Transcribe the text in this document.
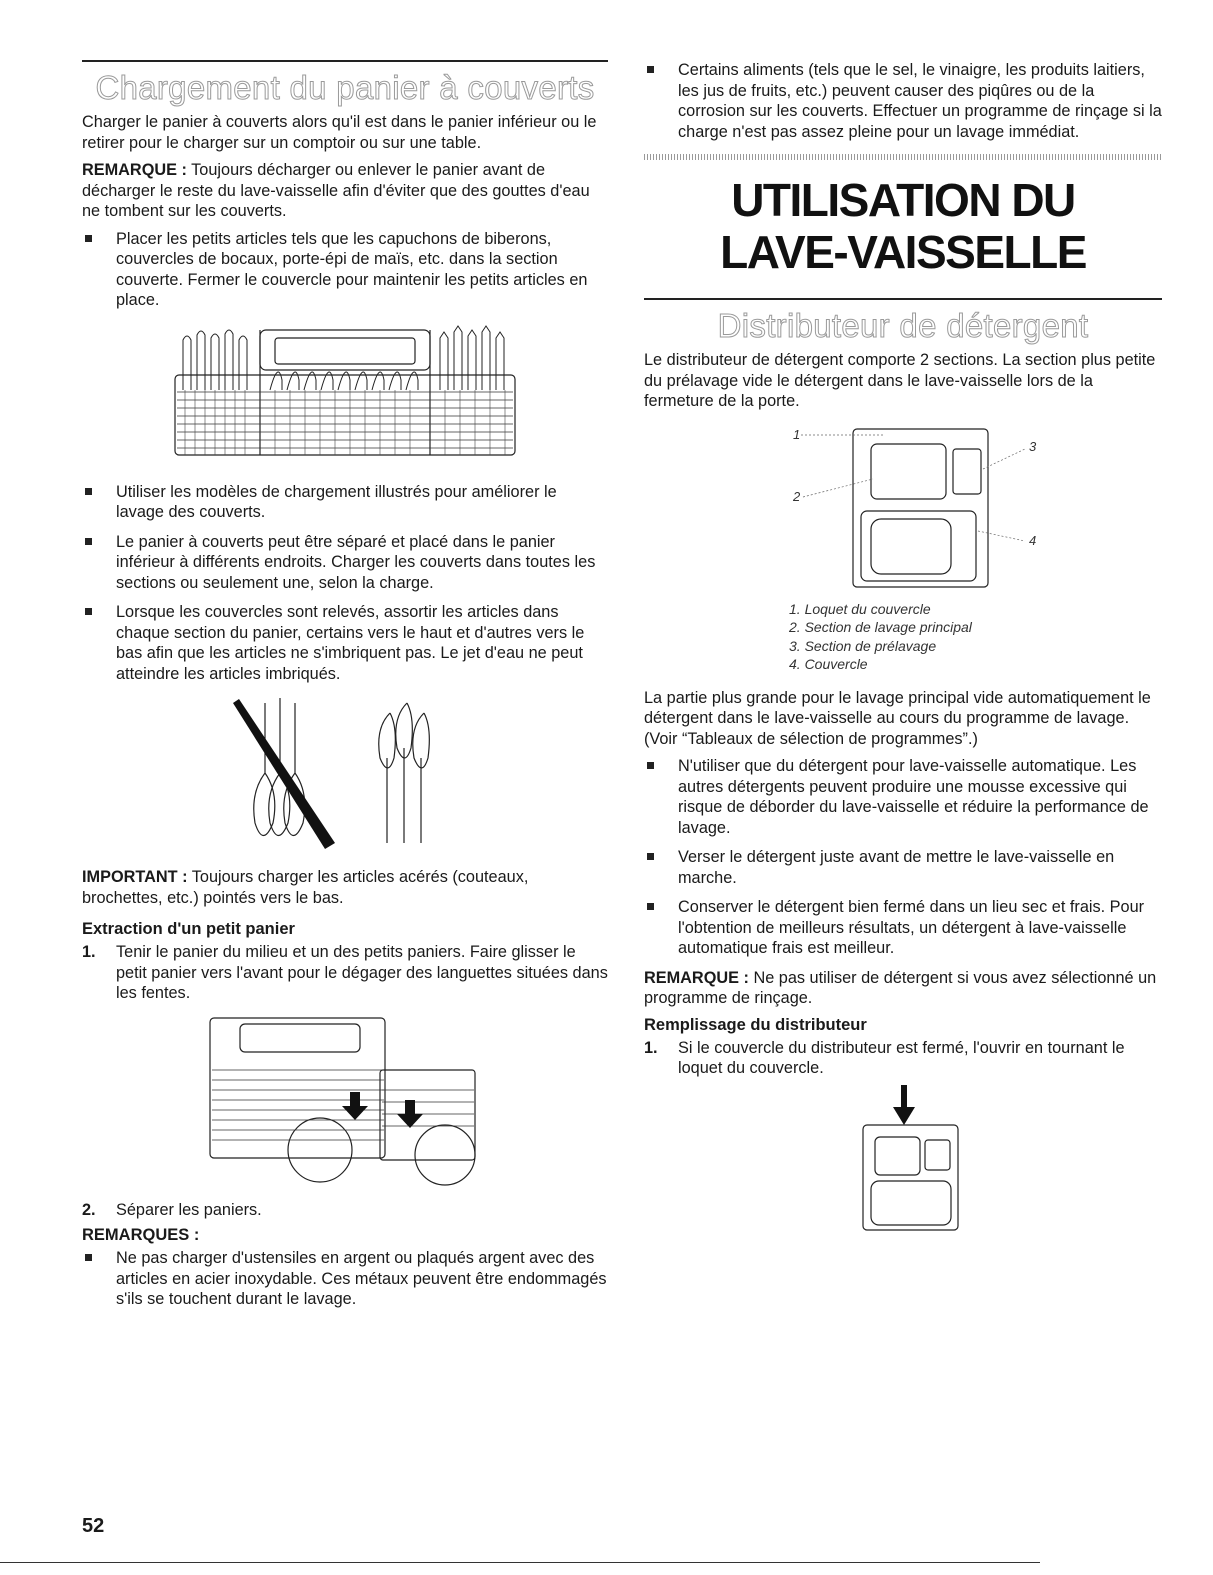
Chargement du panier à couverts

Charger le panier à couverts alors qu'il est dans le panier inférieur ou le retirer pour le charger sur un comptoir ou sur une table.

REMARQUE : Toujours décharger ou enlever le panier avant de décharger le reste du lave-vaisselle afin d'éviter que des gouttes d'eau ne tombent sur les couverts.

Placer les petits articles tels que les capuchons de biberons, couvercles de bocaux, porte-épi de maïs, etc. dans la section couverte. Fermer le couvercle pour maintenir les petits articles en place.
Utiliser les modèles de chargement illustrés pour améliorer le lavage des couverts.
Le panier à couverts peut être séparé et placé dans le panier inférieur à différents endroits. Charger les couverts dans toutes les sections ou seulement une, selon la charge.
Lorsque les couvercles sont relevés, assortir les articles dans chaque section du panier, certains vers le haut et d'autres vers le bas afin que les articles ne s'imbriquent pas. Le jet d'eau ne peut atteindre les articles imbriqués.

IMPORTANT : Toujours charger les articles acérés (couteaux, brochettes, etc.) pointés vers le bas.

Extraction d'un petit panier
1. Tenir le panier du milieu et un des petits paniers. Faire glisser le petit panier vers l'avant pour le dégager des languettes situées dans les fentes.
2. Séparer les paniers.
REMARQUES :
Ne pas charger d'ustensiles en argent ou plaqués argent avec des articles en acier inoxydable. Ces métaux peuvent être endommagés s'ils se touchent durant le lavage.
Certains aliments (tels que le sel, le vinaigre, les produits laitiers, les jus de fruits, etc.) peuvent causer des piqûres ou de la corrosion sur les couverts. Effectuer un programme de rinçage si la charge n'est pas assez pleine pour un lavage immédiat.
UTILISATION DU
LAVE-VAISSELLE
Distributeur de détergent

Le distributeur de détergent comporte 2 sections. La section plus petite du prélavage vide le détergent dans le lave-vaisselle lors de la fermeture de la porte.

1
2
3
4
1. Loquet du couvercle
2. Section de lavage principal
3. Section de prélavage
4. Couvercle

La partie plus grande pour le lavage principal vide automatiquement le détergent dans le lave-vaisselle au cours du programme de lavage. (Voir “Tableaux de sélection de programmes”.)

N'utiliser que du détergent pour lave-vaisselle automatique. Les autres détergents peuvent produire une mousse excessive qui risque de déborder du lave-vaisselle et réduire la performance de lavage.
Verser le détergent juste avant de mettre le lave-vaisselle en marche.
Conserver le détergent bien fermé dans un lieu sec et frais. Pour l'obtention de meilleurs résultats, un détergent à lave-vaisselle automatique frais est meilleur.

REMARQUE : Ne pas utiliser de détergent si vous avez sélectionné un programme de rinçage.

Remplissage du distributeur
1. Si le couvercle du distributeur est fermé, l'ouvrir en tournant le loquet du couvercle.
52
